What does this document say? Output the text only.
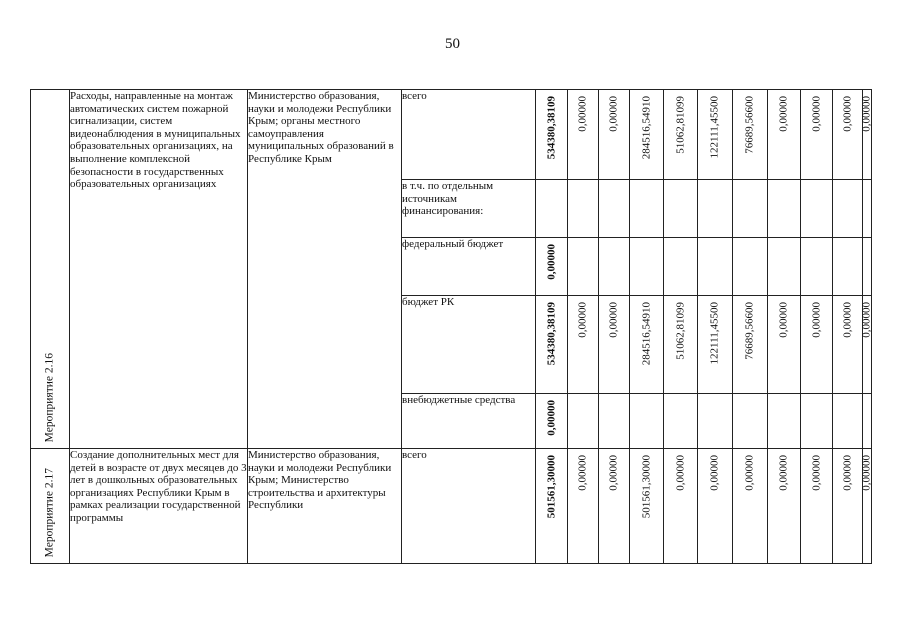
50
Мероприятие 2.16	Расходы, направленные на монтаж автоматических систем пожарной сигнализации, систем видеонаблюдения в муниципальных образовательных организациях, на выполнение комплексной безопасности в государственных образовательных организациях	Министерство образования, науки и молодежи Республики Крым; органы местного самоуправления муниципальных образований в Республике Крым	всего	534380,38109	0,00000	0,00000	284516,54910	51062,81099	122111,45500	76689,56600	0,00000	0,00000	0,00000	0,00000

			в т.ч. по отдельным источникам финансирования:											
			федеральный бюджет	0,00000										

			бюджет РК	534380,38109	0,00000	0,00000	284516,54910	51062,81099	122111,45500	76689,56600	0,00000	0,00000	0,00000	0,00000

			внебюджетные средства	0,00000										

Мероприятие 2.17	Создание дополнительных мест для детей в возрасте от двух месяцев до 3 лет в дошкольных образовательных организациях Республики Крым в рамках реализации государственной программы	Министерство образования, науки и молодежи Республики Крым; Министерство строительства и архитектуры Республики	всего	501561,30000	0,00000	0,00000	501561,30000	0,00000	0,00000	0,00000	0,00000	0,00000	0,00000	0,00000
